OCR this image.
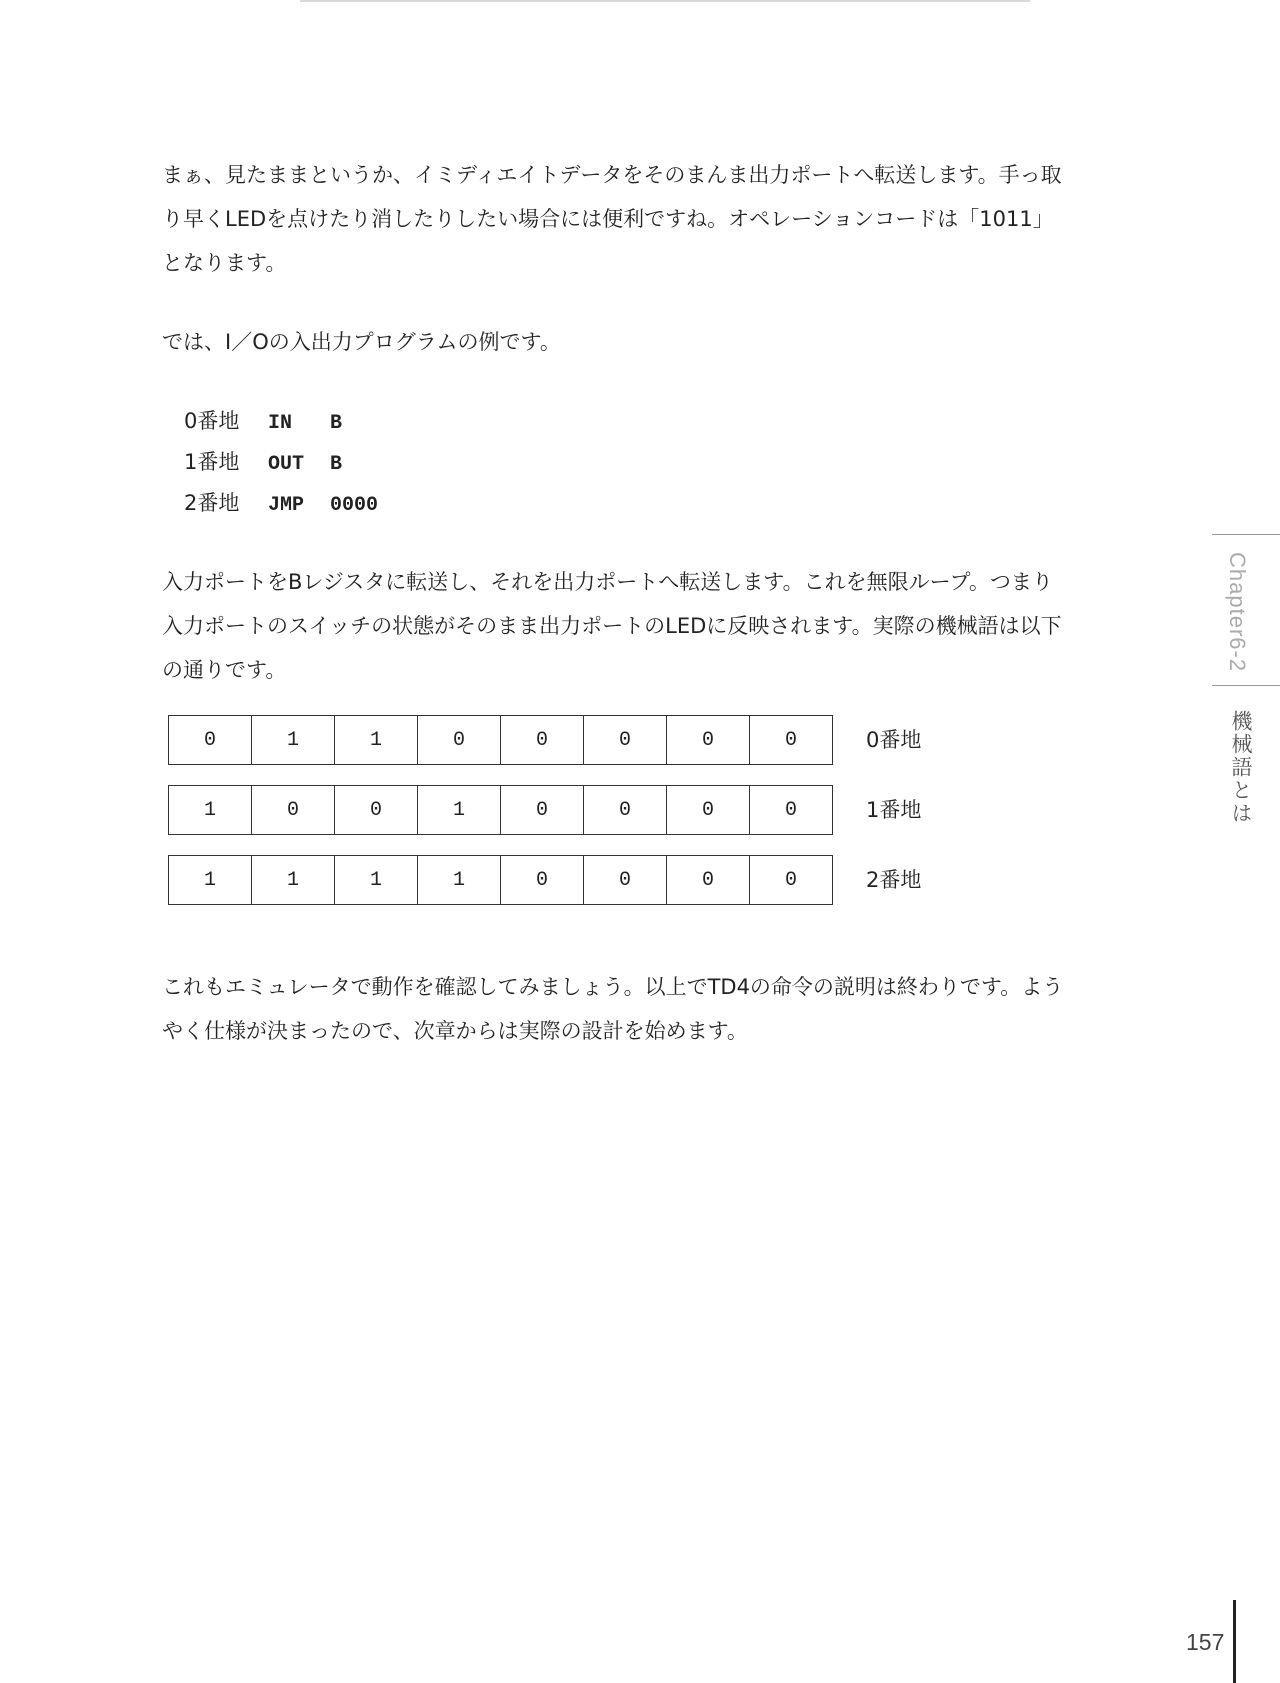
まぁ、見たままというか、イミディエイトデータをそのまんま出力ポートへ転送します。手っ取
り早くLEDを点けたり消したりしたい場合には便利ですね。オペレーションコードは「1011」
となります。
では、I／Oの入出力プログラムの例です。
0番地 IN B
1番地 OUT B
2番地 JMP 0000
入力ポートをBレジスタに転送し、それを出力ポートへ転送します。これを無限ループ。つまり
入力ポートのスイッチの状態がそのまま出力ポートのLEDに反映されます。実際の機械語は以下
の通りです。
0	1	1	0	0	0	0	0	0番地
1	0	0	1	0	0	0	0	1番地
1	1	1	1	0	0	0	0	2番地
これもエミュレータで動作を確認してみましょう。以上でTD4の命令の説明は終わりです。よう
やく仕様が決まったので、次章からは実際の設計を始めます。
Chapter6-2
機械語とは
157
